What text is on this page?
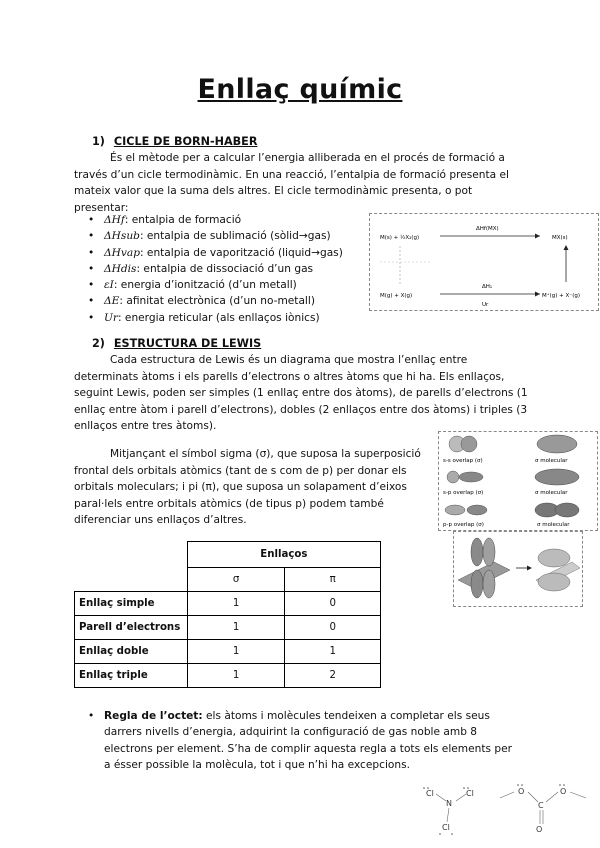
Enllaç químic
1) CICLE DE BORN-HABER

És el mètode per a calcular l’energia alliberada en el procés de formació a través d’un cicle termodinàmic. En una reacció, l’entalpia de formació presenta el mateix valor que la suma dels altres. El cicle termodinàmic presenta, o pot presentar:

• ΔHf: entalpia de formació
• ΔHsub: entalpia de sublimació (sòlid→gas)
• ΔHvap: entalpia de vaporització (liquid→gas)
• ΔHdis: entalpia de dissociació d’un gas
• εI: energia d’ionització (d’un metall)
• ΔE: afinitat electrònica (d’un no-metall)
• Ur: energia reticular (als enllaços iònics)
M(s) + ½X₂(g)
ΔHf(MX)
MX(s)
M(g) + X(g)
ΔH₁
Ur
M⁺(g) + X⁻(g)
2) ESTRUCTURA DE LEWIS

Cada estructura de Lewis és un diagrama que mostra l’enllaç entre determinats àtoms i els parells d’electrons o altres àtoms que hi ha. Els enllaços, seguint Lewis, poden ser simples (1 enllaç entre dos àtoms), de parells d’electrons (1 enllaç entre àtom i parell d’electrons), dobles (2 enllaços entre dos àtoms) i triples (3 enllaços entre tres àtoms).

Mitjançant el símbol sigma (σ), que suposa la superposició frontal dels orbitals atòmics (tant de s com de p) per donar els orbitals moleculars; i pi (π), que suposa un solapament d’eixos paral·lels entre orbitals atòmics (de tipus p) podem també diferenciar uns enllaços d’altres.

s-s overlap (σ)	σ molecular
s-p overlap (σ)	σ molecular
p-p overlap (σ)	σ molecular
	Enllaços	
	σ	π
Enllaç simple	1	0
Parell d’electrons	1	0
Enllaç doble	1	1
Enllaç triple	1	2
• Regla de l’octet: els àtoms i molècules tendeixen a completar els seus darrers nivells d’energia, adquirint la configuració de gas noble amb 8 electrons per element. S’ha de complir aquesta regla a tots els elements per a ésser possible la molècula, tot i que n’hi ha excepcions.
Cl
N
Cl
Cl
O
C
O
O
